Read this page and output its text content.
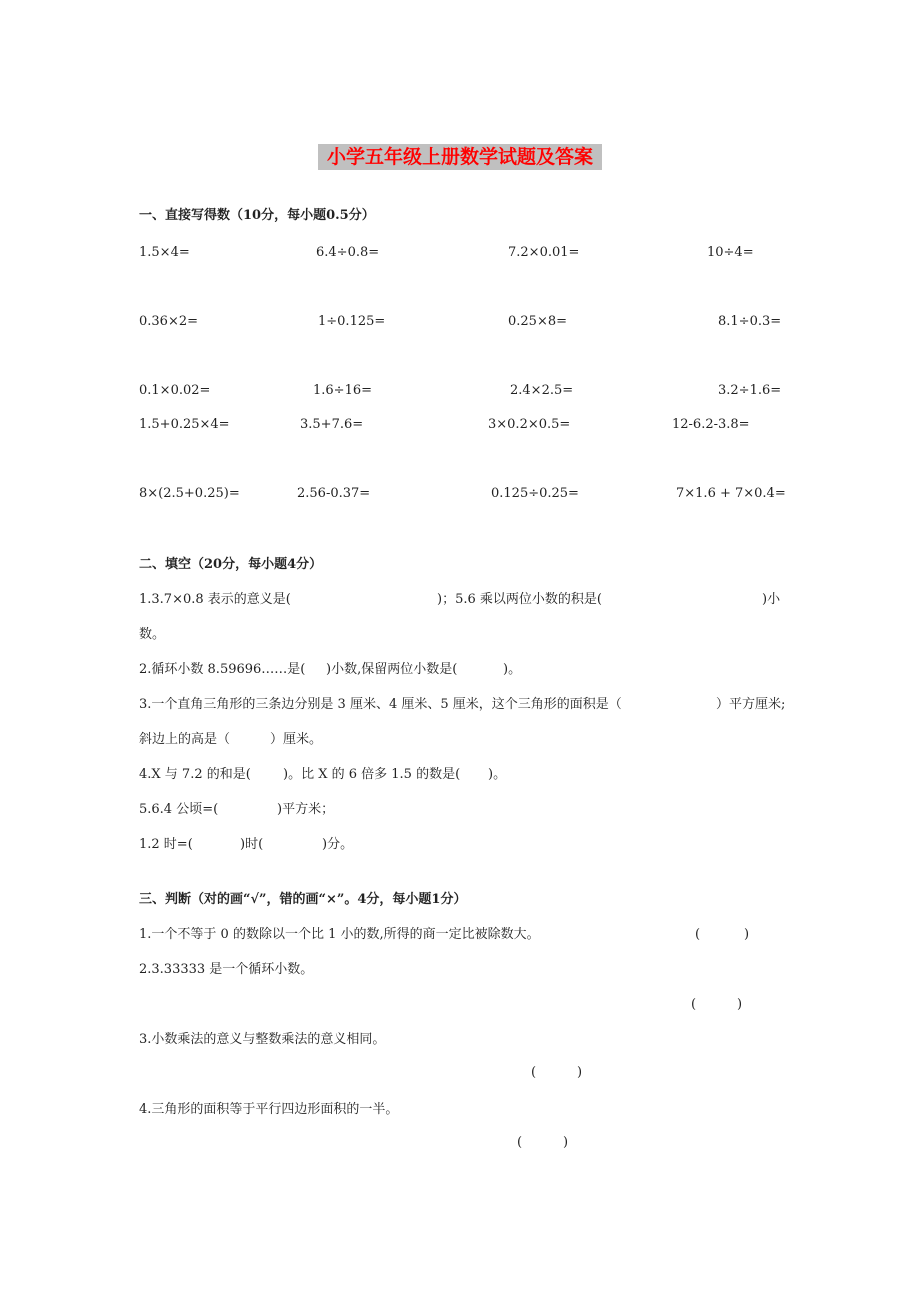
小学五年级上册数学试题及答案
一、直接写得数（10分，每小题0.5分）
1.5×4=	6.4÷0.8=	7.2×0.01=	10÷4=
0.36×2=	1÷0.125=	0.25×8=	8.1÷0.3=
0.1×0.02=	1.6÷16=	2.4×2.5=	3.2÷1.6=
1.5+0.25×4=	3.5+7.6=	3×0.2×0.5=	12-6.2-3.8=
8×(2.5+0.25)=	2.56-0.37=	0.125÷0.25=	7×1.6 + 7×0.4=
二、填空（20分，每小题4分）
1.3.7×0.8 表示的意义是(	)；5.6 乘以两位小数的积是(	)小
数。
2.循环小数 8.59696……是( )小数,保留两位小数是(	)。
3.一个直角三角形的三条边分别是 3 厘米、4 厘米、5 厘米，这个三角形的面积是（	）平方厘米;
斜边上的高是（	）厘米。
4.X 与 7.2 的和是( )。比 X 的 6 倍多 1.5 的数是( )。
5.6.4 公顷=(	)平方米；
1.2 时=(	)时(	)分。
三、判断（对的画“√”，错的画“×”。4分，每小题1分）
1.一个不等于 0 的数除以一个比 1 小的数,所得的商一定比被除数大。	(	)
2.3.33333 是一个循环小数。
(	)
3.小数乘法的意义与整数乘法的意义相同。
(	)
4.三角形的面积等于平行四边形面积的一半。
(	)
